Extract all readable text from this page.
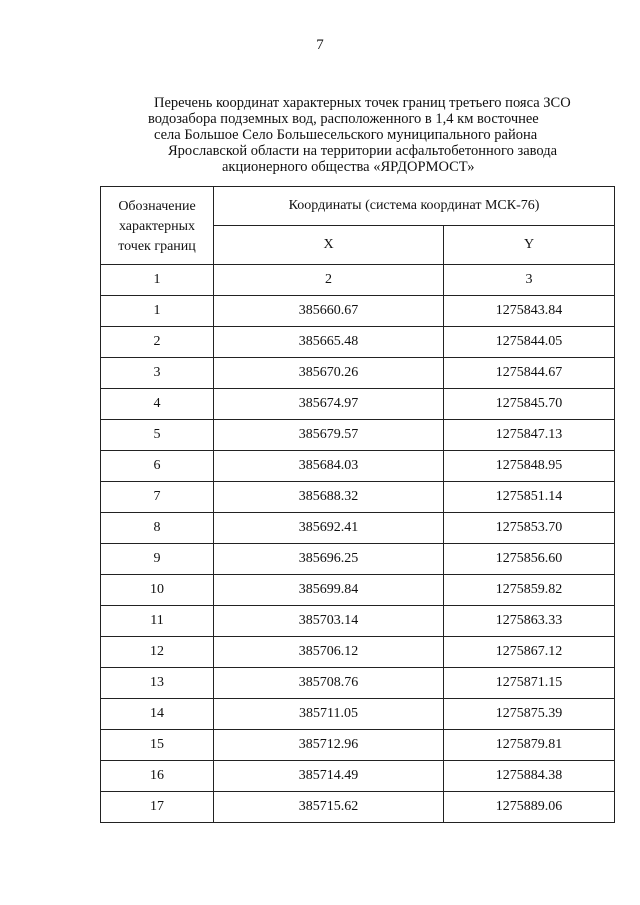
7
Перечень координат характерных точек границ третьего пояса ЗСО
водозабора подземных вод, расположенного в 1,4 км восточнее
села Большое Село Большесельского муниципального района
Ярославской области на территории асфальтобетонного завода
акционерного общества «ЯРДОРМОСТ»
Обозначение характерных точек границ	Координаты (система координат МСК-76)	
	X	Y
1	2	3
1	385660.67	1275843.84
2	385665.48	1275844.05
3	385670.26	1275844.67
4	385674.97	1275845.70
5	385679.57	1275847.13
6	385684.03	1275848.95
7	385688.32	1275851.14
8	385692.41	1275853.70
9	385696.25	1275856.60
10	385699.84	1275859.82
11	385703.14	1275863.33
12	385706.12	1275867.12
13	385708.76	1275871.15
14	385711.05	1275875.39
15	385712.96	1275879.81
16	385714.49	1275884.38
17	385715.62	1275889.06
